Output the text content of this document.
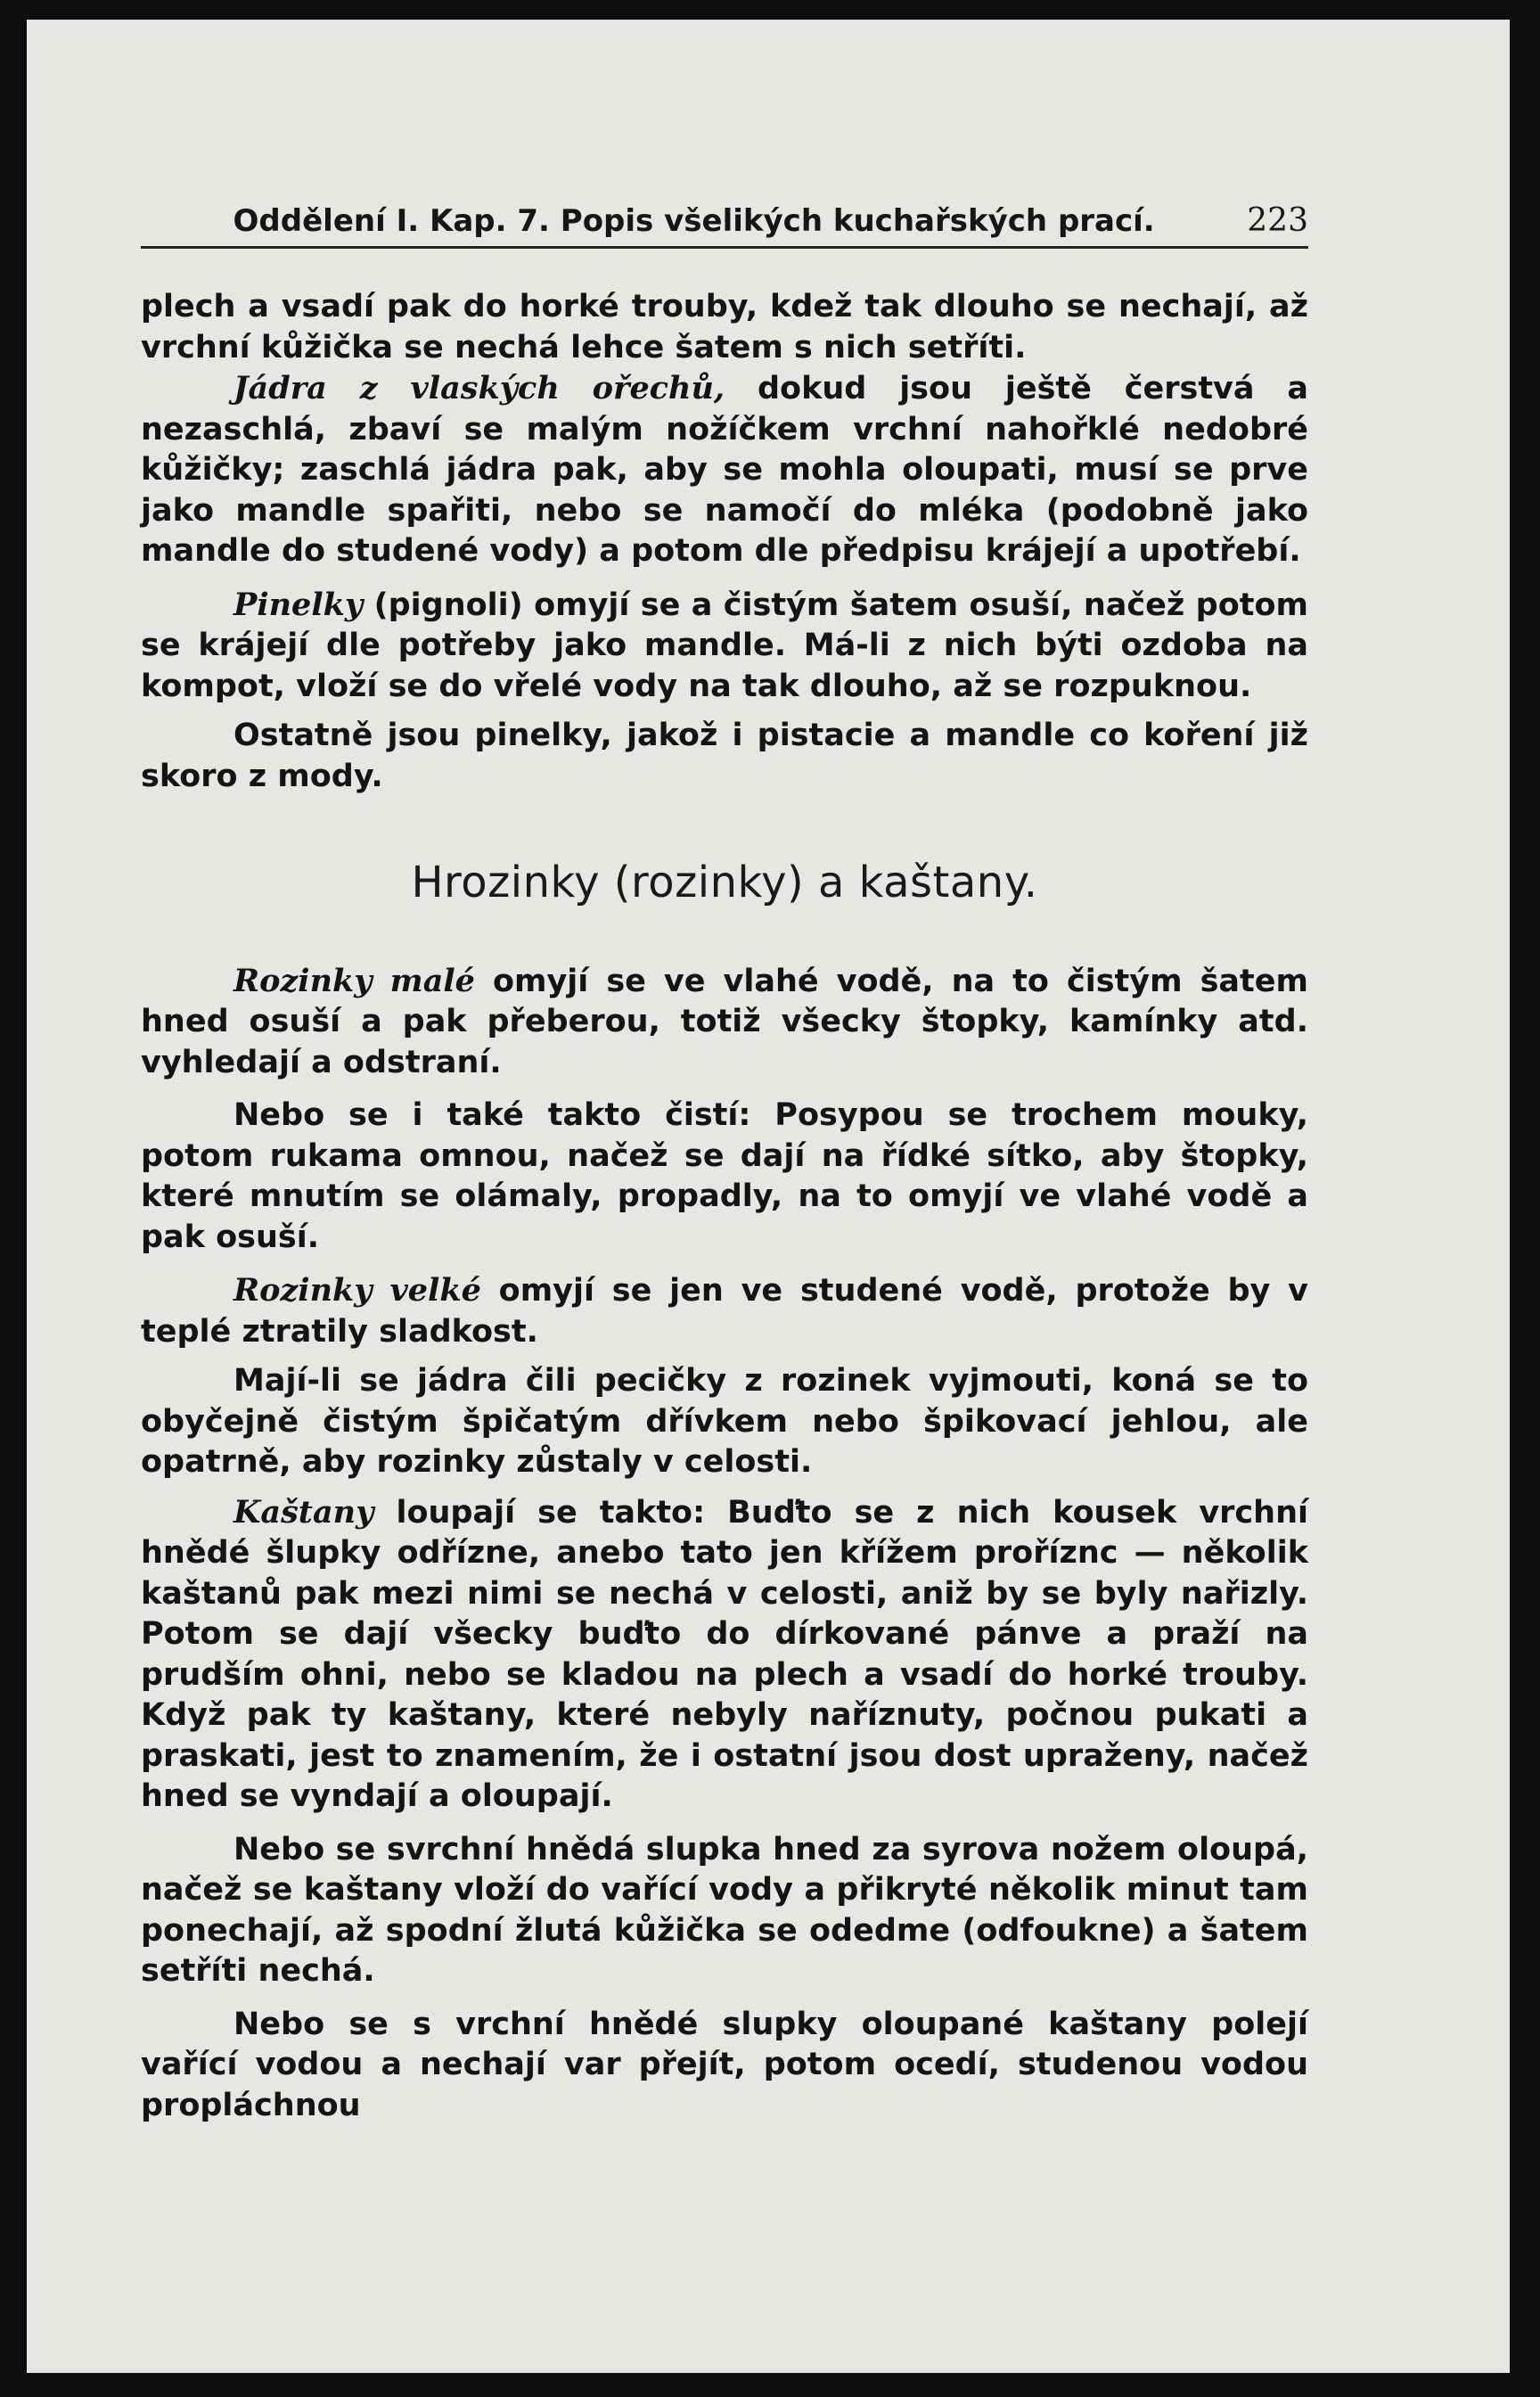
Oddělení I. Kap. 7. Popis všelikých kuchařských prací.	223

plech a vsadí pak do horké trouby, kdež tak dlouho se nechají, až vrchní kůžička se nechá lehce šatem s nich setříti.

Jádra z vlaských ořechů, dokud jsou ještě čerstvá a nezaschlá, zbaví se malým nožíčkem vrchní nahořklé nedobré kůžičky; zaschlá jádra pak, aby se mohla oloupati, musí se prve jako mandle spařiti, nebo se namočí do mléka (podobně jako mandle do studené vody) a potom dle předpisu krájejí a upotřebí.

Pinelky (pignoli) omyjí se a čistým šatem osuší, načež potom se krájejí dle potřeby jako mandle. Má-li z nich býti ozdoba na kompot, vloží se do vřelé vody na tak dlouho, až se rozpuknou.

Ostatně jsou pinelky, jakož i pistacie a mandle co koření již skoro z mody.

Hrozinky (rozinky) a kaštany.

Rozinky malé omyjí se ve vlahé vodě, na to čistým šatem hned osuší a pak přeberou, totiž všecky štopky, kamínky atd. vyhledají a odstraní.

Nebo se i také takto čistí: Posypou se trochem mouky, potom rukama omnou, načež se dají na řídké sítko, aby štopky, které mnutím se olámaly, propadly, na to omyjí ve vlahé vodě a pak osuší.

Rozinky velké omyjí se jen ve studené vodě, protože by v teplé ztratily sladkost.

Mají-li se jádra čili pecičky z rozinek vyjmouti, koná se to obyčejně čistým špičatým dřívkem nebo špikovací jehlou, ale opatrně, aby rozinky zůstaly v celosti.

Kaštany loupají se takto: Buďto se z nich kousek vrchní hnědé šlupky odřízne, anebo tato jen křížem proříznc — několik kaštanů pak mezi nimi se nechá v celosti, aniž by se byly nařizly. Potom se dají všecky buďto do dírkované pánve a praží na prudším ohni, nebo se kladou na plech a vsadí do horké trouby. Když pak ty kaštany, které nebyly naříznuty, počnou pukati a praskati, jest to znamením, že i ostatní jsou dost upraženy, načež hned se vyndají a oloupají.

Nebo se svrchní hnědá slupka hned za syrova nožem oloupá, načež se kaštany vloží do vařící vody a přikryté několik minut tam ponechají, až spodní žlutá kůžička se odedme (odfoukne) a šatem setříti nechá.

Nebo se s vrchní hnědé slupky oloupané kaštany polejí vařící vodou a nechají var přejít, potom ocedí, studenou vodou propláchnou
